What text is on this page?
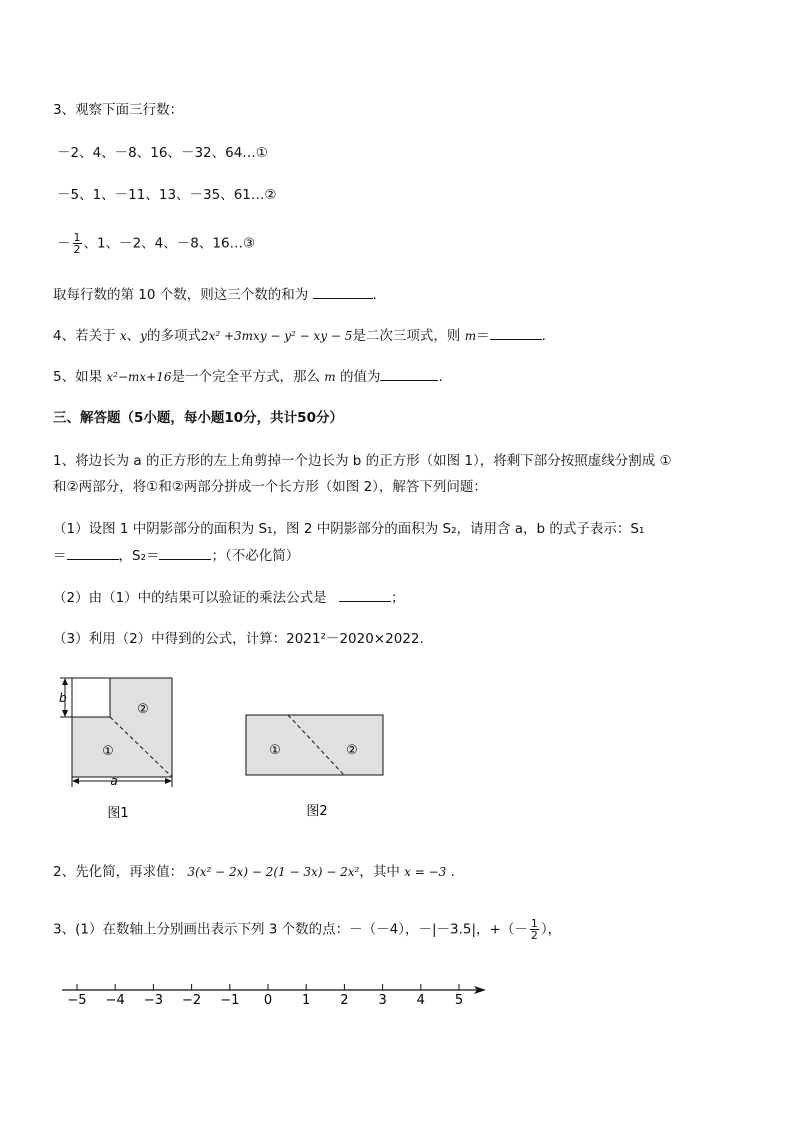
3、观察下面三行数：
－2、4、－8、16、－32、64…①
－5、1、－11、13、－35、61…②
－ $\frac{1}{2}$ 、1、－2、4、－8、16…③
取每行数的第 10 个数，则这三个数的和为	.
4、若关于 x、y的多项式2x² +3mxy − y² − xy − 5是二次三项式，则 m＝	.
5、如果 x²−mx+16是一个完全平方式，那么 m 的值为	.
三、解答题（5小题，每小题10分，共计50分）
1、将边长为 a 的正方形的左上角剪掉一个边长为 b 的正方形（如图 1），将剩下部分按照虚线分割成 ①
和②两部分，将①和②两部分拼成一个长方形（如图 2），解答下列问题：
（1）设图 1 中阴影部分的面积为 S₁，图 2 中阴影部分的面积为 S₂，请用含 a，b 的式子表示：S₁
＝	，S₂＝	；（不必化简）
（2）由（1）中的结果可以验证的乘法公式是	；
（3）利用（2）中得到的公式，计算：2021²－2020×2022.
b
a
②
①
图1
①	②
图2
2、先化简，再求值： 3(x² − 2x) − 2(1 − 3x) − 2x²，其中 x = −3 .
3、(1）在数轴上分别画出表示下列 3 个数的点：－（－4），－|－3.5|，+（－ $\frac{1}{2}$ ），
−5 −4 −3 −2 −1 0 1 2 3 4 5
